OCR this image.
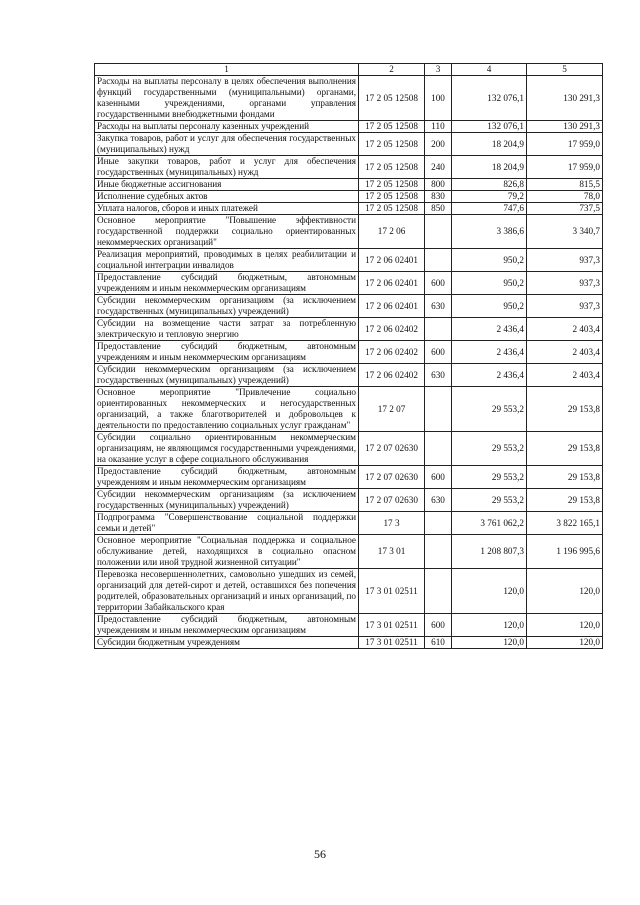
1	2	3	4	5
Расходы на выплаты персоналу в целях обеспечения выполнения функций государственными (муниципальными) органами, казенными учреждениями, органами управления государственными внебюджетными фондами	17 2 05 12508	100	132 076,1	130 291,3
Расходы на выплаты персоналу казенных учреждений	17 2 05 12508	110	132 076,1	130 291,3
Закупка товаров, работ и услуг для обеспечения государственных (муниципальных) нужд	17 2 05 12508	200	18 204,9	17 959,0
Иные закупки товаров, работ и услуг для обеспечения государственных (муниципальных) нужд	17 2 05 12508	240	18 204,9	17 959,0
Иные бюджетные ассигнования	17 2 05 12508	800	826,8	815,5
Исполнение судебных актов	17 2 05 12508	830	79,2	78,0
Уплата налогов, сборов и иных платежей	17 2 05 12508	850	747,6	737,5
Основное мероприятие "Повышение эффективности государственной поддержки социально ориентированных некоммерческих организаций"	17 2 06		3 386,6	3 340,7
Реализация мероприятий, проводимых в целях реабилитации и социальной интеграции инвалидов	17 2 06 02401		950,2	937,3
Предоставление субсидий бюджетным, автономным учреждениям и иным некоммерческим организациям	17 2 06 02401	600	950,2	937,3
Субсидии некоммерческим организациям (за исключением государственных (муниципальных) учреждений)	17 2 06 02401	630	950,2	937,3
Субсидии на возмещение части затрат за потребленную электрическую и тепловую энергию	17 2 06 02402		2 436,4	2 403,4
Предоставление субсидий бюджетным, автономным учреждениям и иным некоммерческим организациям	17 2 06 02402	600	2 436,4	2 403,4
Субсидии некоммерческим организациям (за исключением государственных (муниципальных) учреждений)	17 2 06 02402	630	2 436,4	2 403,4
Основное мероприятие "Привлечение социально ориентированных некоммерческих и негосударственных организаций, а также благотворителей и добровольцев к деятельности по предоставлению социальных услуг гражданам"	17 2 07		29 553,2	29 153,8
Субсидии социально ориентированным некоммерческим организациям, не являющимся государственными учреждениями, на оказание услуг в сфере социального обслуживания	17 2 07 02630		29 553,2	29 153,8
Предоставление субсидий бюджетным, автономным учреждениям и иным некоммерческим организациям	17 2 07 02630	600	29 553,2	29 153,8
Субсидии некоммерческим организациям (за исключением государственных (муниципальных) учреждений)	17 2 07 02630	630	29 553,2	29 153,8
Подпрограмма "Совершенствование социальной поддержки семьи и детей"	17 3		3 761 062,2	3 822 165,1
Основное мероприятие "Социальная поддержка и социальное обслуживание детей, находящихся в социально опасном положении или иной трудной жизненной ситуации"	17 3 01		1 208 807,3	1 196 995,6
Перевозка несовершеннолетних, самовольно ушедших из семей, организаций для детей-сирот и детей, оставшихся без попечения родителей, образовательных организаций и иных организаций, по территории Забайкальского края	17 3 01 02511		120,0	120,0
Предоставление субсидий бюджетным, автономным учреждениям и иным некоммерческим организациям	17 3 01 02511	600	120,0	120,0
Субсидии бюджетным учреждениям	17 3 01 02511	610	120,0	120,0
56
